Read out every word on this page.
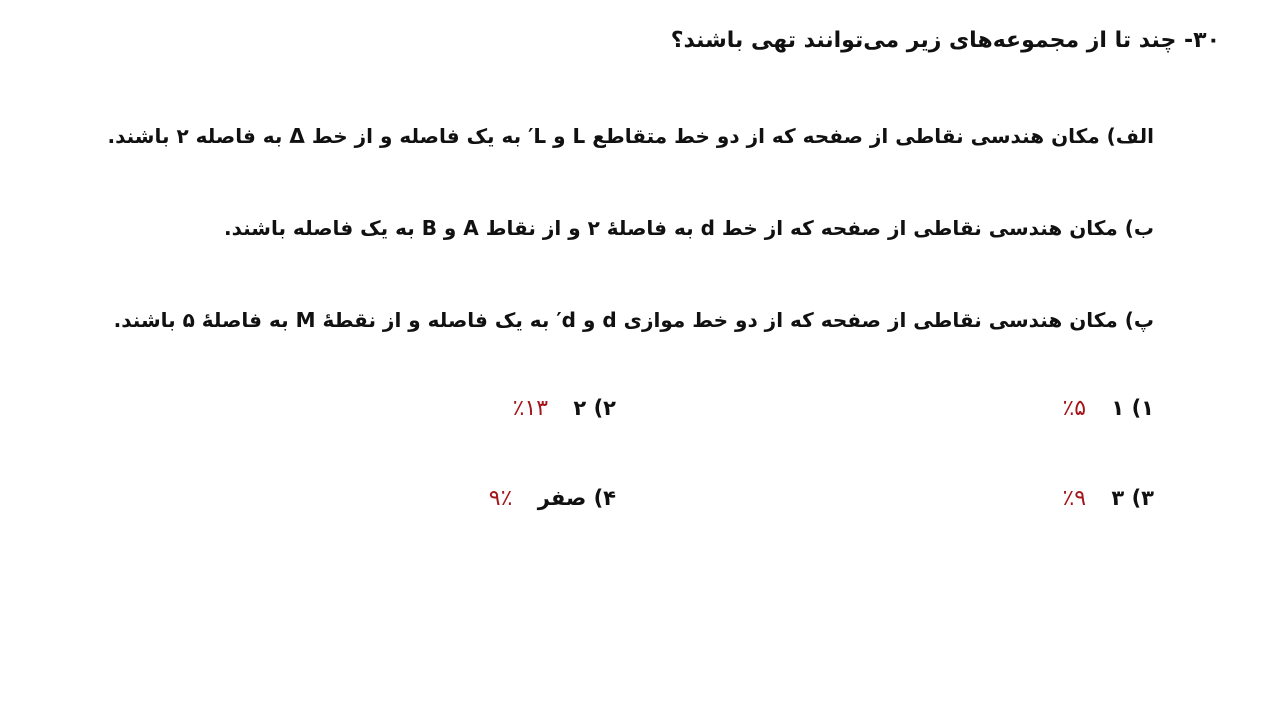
۳۰- چند تا از مجموعه‌های زیر می‌توانند تهی باشند؟
الف) مکان هندسی نقاطی از صفحه که از دو خط متقاطع L و L′ به یک فاصله و از خط Δ به فاصله ۲ باشند.
ب) مکان هندسی نقاطی از صفحه که از خط d به فاصلهٔ ۲ و از نقاط A و B به یک فاصله باشند.
پ) مکان هندسی نقاطی از صفحه که از دو خط موازی d و d′ به یک فاصله و از نقطهٔ M به فاصلهٔ ۵ باشند.
۱) ۱ ٪۵
۲) ۲ ٪۱۳
۳) ۳ ٪۹
۴) صفر ٪۹
